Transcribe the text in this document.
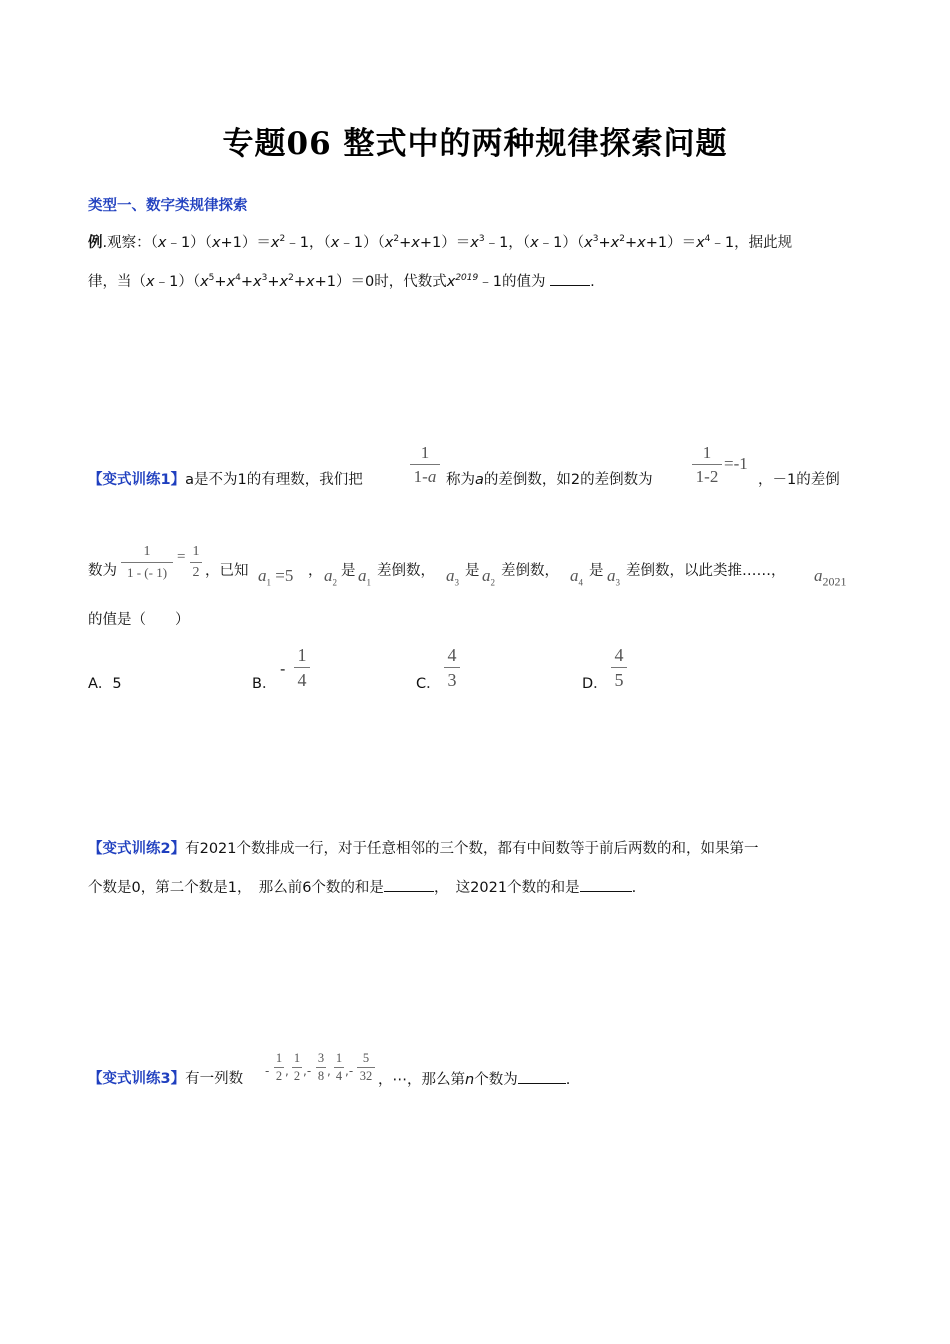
专题06 整式中的两种规律探索问题
类型一、数字类规律探索
例.观察：$(x﹣1)(x+1)=x^2﹣1$，$(x﹣1)(x^2+x+1)=x^3﹣1$，$(x﹣1)(x^3+x^2+x+1)=x^4﹣1$，据此规
律，当$(x﹣1)(x^5+x^4+x^3+x^2+x+1)=0$时，代数式$x^{2019}﹣1$的值为	.
【变式训练1】a是不为1的有理数，我们把
1
1-a 称为a的差倒数，如2的差倒数为
1
1-2
=-1
，－1的差倒
数为
1
1 - (- 1)
= 1
2 ，已知 $a_1 =5$ ， $a_2$
是 $a_1$
差倒数， $a_3$
是 $a_2$
差倒数， $a_4$
是 $a_3$
差倒数，以此类推……， $a_{2021}$
的值是（　　）
A．5	B．
-
1
4	C．
4
3	D．
4
5
【变式训练2】有2021个数排成一行，对于任意相邻的三个数，都有中间数等于前后两数的和，如果第一
个数是0，第二个数是1，　那么前6个数的和是	，　这2021个数的和是	.
【变式训练3】有一列数 -
1
2 ,
1
2 ,-
3
8 ,
1
4 ,-
5
32 ，⋯，那么第n个数为	.
